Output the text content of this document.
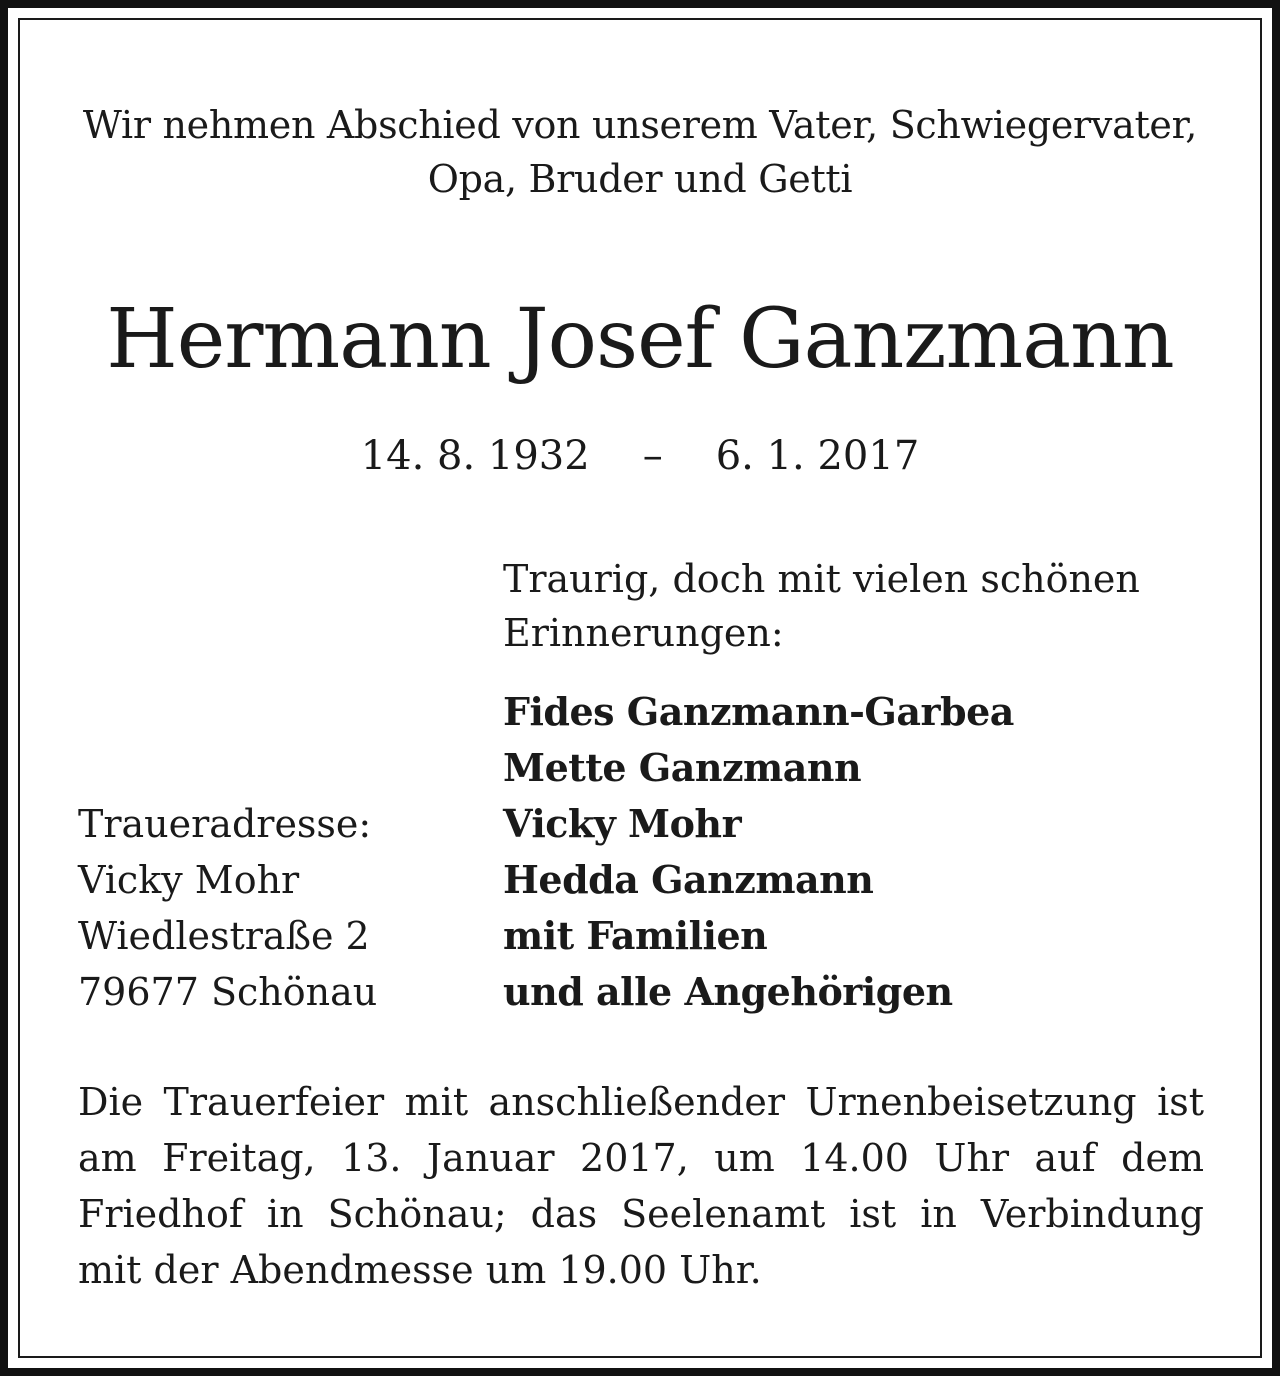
Wir nehmen Abschied von unserem Vater, Schwiegervater,
Opa, Bruder und Getti
Hermann Josef Ganzmann
14. 8. 1932 – 6. 1. 2017
Traurig, doch mit vielen schönen
Erinnerungen:
Fides Ganzmann-Garbea
Mette Ganzmann
Vicky Mohr
Hedda Ganzmann
mit Familien
und alle Angehörigen
Traueradresse:
Vicky Mohr
Wiedlestraße 2
79677 Schönau
Die Trauerfeier mit anschließender Urnenbeisetzung ist
am Freitag, 13. Januar 2017, um 14.00 Uhr auf dem
Friedhof in Schönau; das Seelenamt ist in Verbindung
mit der Abendmesse um 19.00 Uhr.
